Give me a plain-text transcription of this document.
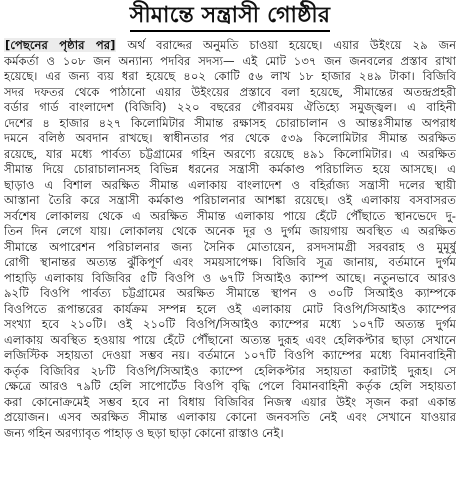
সীমান্তে সন্ত্রাসী গোষ্ঠীর
[পেছনের পৃষ্ঠার পর] অর্থ বরাদ্দের অনুমতি চাওয়া হয়েছে। এয়ার উইংয়ে ২৯ জন
কর্মকর্তা ও ১০৮ জন অন্যান্য পদবির সদস্য— এই মোট ১৩৭ জন জনবলের প্রস্তাব রাখা
হয়েছে। এর জন্য ব্যয় ধরা হয়েছে ৪০২ কোটি ৫৬ লাখ ১৮ হাজার ২৪৯ টাকা। বিজিবি
সদর দফতর থেকে পাঠানো এয়ার উইংয়ের প্রস্তাবে বলা হয়েছে, সীমান্তের অতন্দ্রপ্রহরী
বর্ডার গার্ড বাংলাদেশ (বিজিবি) ২২০ বছরের গৌরবময় ঐতিহ্যে সমুজ্জ্বল। এ বাহিনী
দেশের ৪ হাজার ৪২৭ কিলোমিটার সীমান্ত রক্ষাসহ চোরাচালান ও আন্তঃসীমান্ত অপরাধ
দমনে বলিষ্ঠ অবদান রাখছে। স্বাধীনতার পর থেকে ৫৩৯ কিলোমিটার সীমান্ত অরক্ষিত
রয়েছে, যার মধ্যে পার্বত্য চট্টগ্রামের গহিন অরণ্যে রয়েছে ৪৯১ কিলোমিটার। এ অরক্ষিত
সীমান্ত দিয়ে চোরাচালানসহ বিভিন্ন ধরনের সন্ত্রাসী কর্মকাণ্ড পরিচালিত হয়ে আসছে। এ
ছাড়াও এ বিশাল অরক্ষিত সীমান্ত এলাকায় বাংলাদেশ ও বহির্রাজ্য সন্ত্রাসী দলের স্থায়ী
আস্তানা তৈরি করে সন্ত্রাসী কর্মকাণ্ড পরিচালনার আশঙ্কা রয়েছে। ওই এলাকায় বসবাসরত
সর্বশেষ লোকালয় থেকে এ অরক্ষিত সীমান্ত এলাকায় পায়ে হেঁটে পৌঁছাতে স্থানভেদে দু-
তিন দিন লেগে যায়। লোকালয় থেকে অনেক দূর ও দুর্গম জায়গায় অবস্থিত এ অরক্ষিত
সীমান্তে অপারেশন পরিচালনার জন্য সৈনিক মোতায়েন, রসদসামগ্রী সরবরাহ ও মুমূর্ষু
রোগী স্থানান্তর অত্যন্ত ঝুঁকিপূর্ণ এবং সময়সাপেক্ষ। বিজিবি সূত্র জানায়, বর্তমানে দুর্গম
পাহাড়ি এলাকায় বিজিবির ৫টি বিওপি ও ৬৭টি সিআইও ক্যাম্প আছে। নতুনভাবে আরও
৯২টি বিওপি পার্বত্য চট্টগ্রামের অরক্ষিত সীমান্তে স্থাপন ও ৩০টি সিআইও ক্যাম্পকে
বিওপিতে রূপান্তরের কার্যক্রম সম্পন্ন হলে ওই এলাকায় মোট বিওপি/সিআইও ক্যাম্পের
সংখ্যা হবে ২১০টি। ওই ২১০টি বিওপি/সিআইও ক্যাম্পের মধ্যে ১০৭টি অত্যন্ত দুর্গম
এলাকায় অবস্থিত হওয়ায় পায়ে হেঁটে পৌঁছানো অত্যন্ত দুরূহ এবং হেলিকপ্টার ছাড়া সেখানে
লজিস্টিক সহায়তা দেওয়া সম্ভব নয়। বর্তমানে ১০৭টি বিওপি ক্যাম্পের মধ্যে বিমানবাহিনী
কর্তৃক বিজিবির ২৮টি বিওপি/সিআইও ক্যাম্পে হেলিকপ্টার সহায়তা করাটাই দুরূহ। সে
ক্ষেত্রে আরও ৭৯টি হেলি সাপোর্টেড বিওপি বৃদ্ধি পেলে বিমানবাহিনী কর্তৃক হেলি সহায়তা
করা কোনোক্রমেই সম্ভব হবে না বিধায় বিজিবির নিজস্ব এয়ার উইং সৃজন করা একান্ত
প্রয়োজন। এসব অরক্ষিত সীমান্ত এলাকায় কোনো জনবসতি নেই এবং সেখানে যাওয়ার
জন্য গহিন অরণ্যাবৃত পাহাড় ও ছড়া ছাড়া কোনো রাস্তাও নেই।
